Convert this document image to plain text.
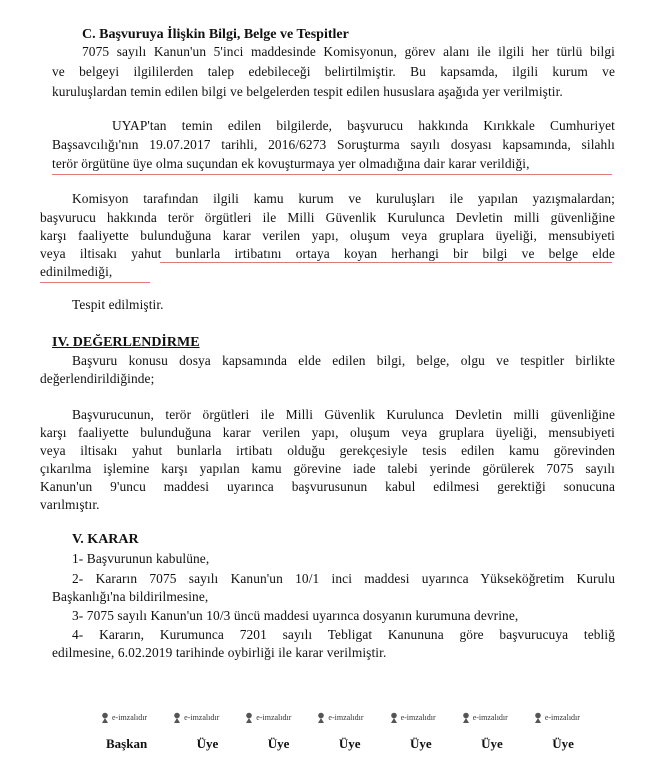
C. Başvuruya İlişkin Bilgi, Belge ve Tespitler
7075 sayılı Kanun'un 5'inci maddesinde Komisyonun, görev alanı ile ilgili her türlü bilgi
ve belgeyi ilgililerden talep edebileceği belirtilmiştir. Bu kapsamda, ilgili kurum ve
kuruluşlardan temin edilen bilgi ve belgelerden tespit edilen hususlara aşağıda yer verilmiştir.
UYAP'tan temin edilen bilgilerde, başvurucu hakkında Kırıkkale Cumhuriyet
Başsavcılığı'nın 19.07.2017 tarihli, 2016/6273 Soruşturma sayılı dosyası kapsamında, silahlı
terör örgütüne üye olma suçundan ek kovuşturmaya yer olmadığına dair karar verildiği,
Komisyon tarafından ilgili kamu kurum ve kuruluşları ile yapılan yazışmalardan;
başvurucu hakkında terör örgütleri ile Milli Güvenlik Kurulunca Devletin milli güvenliğine
karşı faaliyette bulunduğuna karar verilen yapı, oluşum veya gruplara üyeliği, mensubiyeti
veya iltisakı yahut bunlarla irtibatını ortaya koyan herhangi bir bilgi ve belge elde
edinilmediği,
Tespit edilmiştir.
IV. DEĞERLENDİRME
Başvuru konusu dosya kapsamında elde edilen bilgi, belge, olgu ve tespitler birlikte
değerlendirildiğinde;
Başvurucunun, terör örgütleri ile Milli Güvenlik Kurulunca Devletin milli güvenliğine
karşı faaliyette bulunduğuna karar verilen yapı, oluşum veya gruplara üyeliği, mensubiyeti
veya iltisakı yahut bunlarla irtibatı olduğu gerekçesiyle tesis edilen kamu görevinden
çıkarılma işlemine karşı yapılan kamu görevine iade talebi yerinde görülerek 7075 sayılı
Kanun'un 9'uncu maddesi uyarınca başvurusunun kabul edilmesi gerektiği sonucuna
varılmıştır.
V. KARAR
1- Başvurunun kabulüne,
2- Kararın 7075 sayılı Kanun'un 10/1 inci maddesi uyarınca Yükseköğretim Kurulu
Başkanlığı'na bildirilmesine,
3- 7075 sayılı Kanun'un 10/3 üncü maddesi uyarınca dosyanın kurumuna devrine,
4- Kararın, Kurumunca 7201 sayılı Tebligat Kanununa göre başvurucuya tebliğ
edilmesine, 6.02.2019 tarihinde oybirliği ile karar verilmiştir.
e-imzalıdır	e-imzalıdır	e-imzalıdır	e-imzalıdır	e-imzalıdır	e-imzalıdır	e-imzalıdır
Başkan	Üye	Üye	Üye	Üye	Üye	Üye
